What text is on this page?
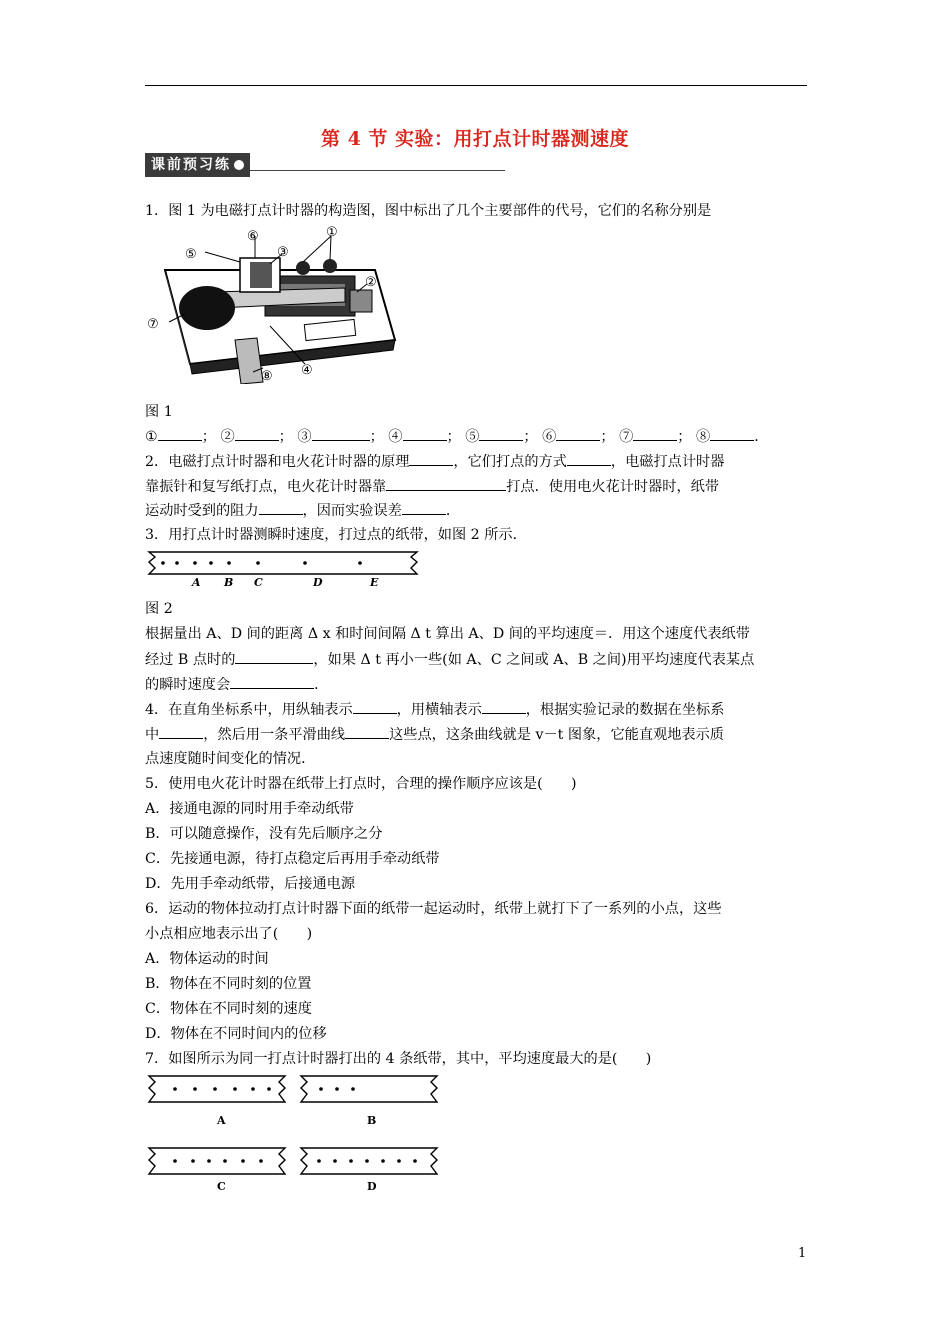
第 4 节 实验：用打点计时器测速度
课前预习练
1．图 1 为电磁打点计时器的构造图，图中标出了几个主要部件的代号，它们的名称分别是
⑤
⑥
③
①
②
⑦
⑧ ④
图 1
①	； ②	； ③	； ④	； ⑤	； ⑥	； ⑦	； ⑧	．
2．电磁打点计时器和电火花计时器的原理	，它们打点的方式	，电磁打点计时器
靠振针和复写纸打点，电火花计时器靠	打点．使用电火花计时器时，纸带
运动时受到的阻力	，因而实验误差	．
3．用打点计时器测瞬时速度，打过点的纸带，如图 2 所示．
A B C	D	E
图 2
根据量出 A、D 间的距离 Δ x 和时间间隔 Δ t 算出 A、D 间的平均速度＝．用这个速度代表纸带
经过 B 点时的	，如果 Δ t 再小一些(如 A、C 之间或 A、B 之间)用平均速度代表某点
的瞬时速度会	．
4．在直角坐标系中，用纵轴表示	，用横轴表示	，根据实验记录的数据在坐标系
中	，然后用一条平滑曲线	这些点，这条曲线就是 v－t 图象，它能直观地表示质
点速度随时间变化的情况．
5．使用电火花计时器在纸带上打点时，合理的操作顺序应该是(　　)
A．接通电源的同时用手牵动纸带
B．可以随意操作，没有先后顺序之分
C．先接通电源，待打点稳定后再用手牵动纸带
D．先用手牵动纸带，后接通电源
6．运动的物体拉动打点计时器下面的纸带一起运动时，纸带上就打下了一系列的小点，这些
小点相应地表示出了(　　)
A．物体运动的时间
B．物体在不同时刻的位置
C．物体在不同时刻的速度
D．物体在不同时间内的位移
7．如图所示为同一打点计时器打出的 4 条纸带，其中，平均速度最大的是(　　)
A	B
C	D
1
